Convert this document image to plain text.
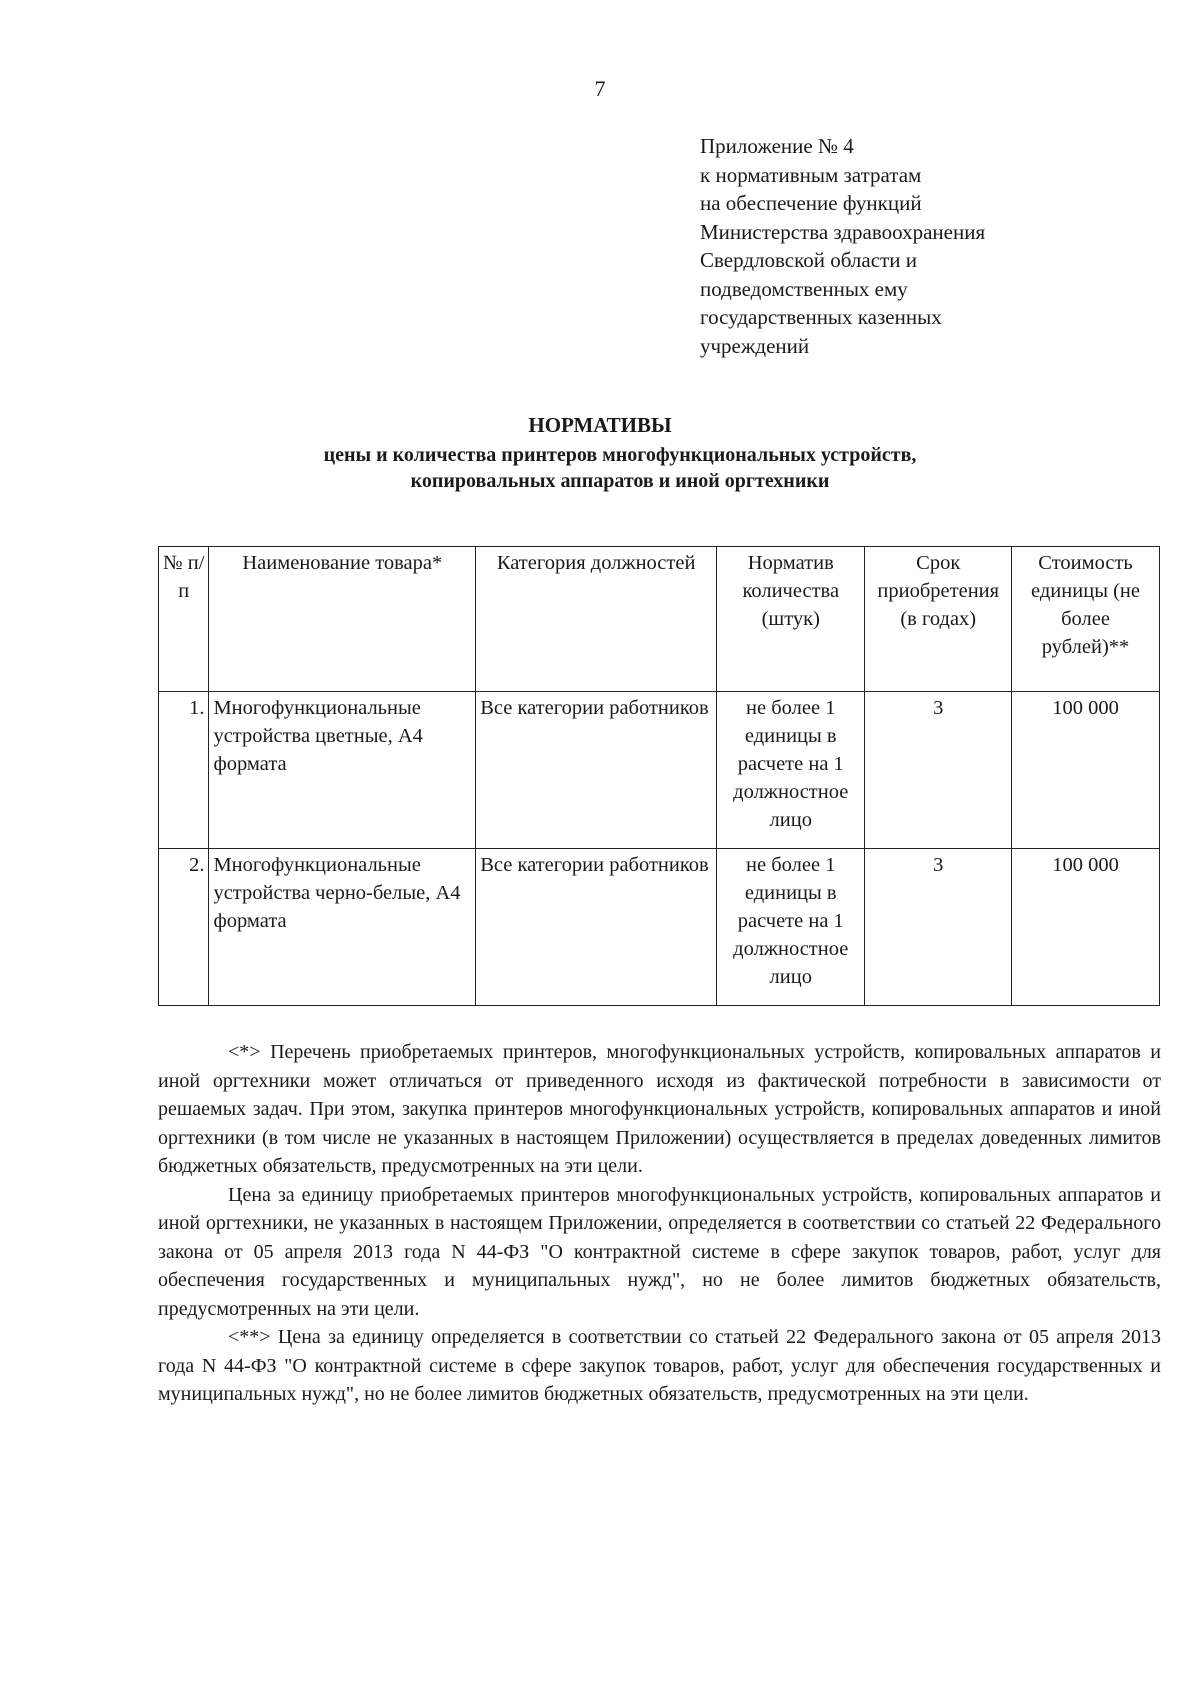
7
Приложение № 4
к нормативным затратам
на обеспечение функций
Министерства здравоохранения
Свердловской области и
подведомственных ему
государственных казенных
учреждений
НОРМАТИВЫ
цены и количества принтеров многофункциональных устройств,
копировальных аппаратов и иной оргтехники
№ п/п	Наименование товара*	Категория должностей	Норматив количества (штук)	Срок приобретения (в годах)	Стоимость единицы (не более рублей)**
1.	Многофункциональные устройства цветные, А4 формата	Все категории работников	не более 1 единицы в расчете на 1 должностное лицо	3	100 000
2.	Многофункциональные устройства черно-белые, А4 формата	Все категории работников	не более 1 единицы в расчете на 1 должностное лицо	3	100 000

<*> Перечень приобретаемых принтеров, многофункциональных устройств, копировальных аппаратов и иной оргтехники может отличаться от приведенного исходя из фактической потребности в зависимости от решаемых задач. При этом, закупка принтеров многофункциональных устройств, копировальных аппаратов и иной оргтехники (в том числе не указанных в настоящем Приложении) осуществляется в пределах доведенных лимитов бюджетных обязательств, предусмотренных на эти цели.

Цена за единицу приобретаемых принтеров многофункциональных устройств, копировальных аппаратов и иной оргтехники, не указанных в настоящем Приложении, определяется в соответствии со статьей 22 Федерального закона от 05 апреля 2013 года N 44-ФЗ "О контрактной системе в сфере закупок товаров, работ, услуг для обеспечения государственных и муниципальных нужд", но не более лимитов бюджетных обязательств, предусмотренных на эти цели.

<**> Цена за единицу определяется в соответствии со статьей 22 Федерального закона от 05 апреля 2013 года N 44-ФЗ "О контрактной системе в сфере закупок товаров, работ, услуг для обеспечения государственных и муниципальных нужд", но не более лимитов бюджетных обязательств, предусмотренных на эти цели.
